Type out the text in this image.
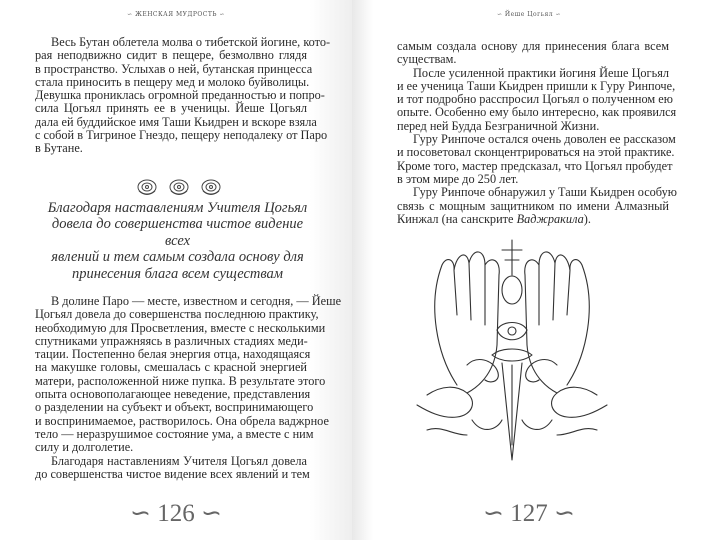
∽ ЖЕНСКАЯ МУДРОСТЬ ∽
Весь Бутан облетела молва о тибетской йогине, кото-
рая неподвижно сидит в пещере, безмолвно глядя
в пространство. Услыхав о ней, бутанская принцесса
стала приносить в пещеру мед и молоко буйволицы.
Девушка прониклась огромной преданностью и попро-
сила Цогьял принять ее в ученицы. Йеше Цогьял
дала ей буддийское имя Таши Кьидрен и вскоре взяла
с собой в Тигриное Гнездо, пещеру неподалеку от Паро
в Бутане.
Благодаря наставлениям Учителя Цогьял
довела до совершенства чистое видение всех
явлений и тем самым создала основу для
принесения блага всем существам
В долине Паро — месте, известном и сегодня, — Йеше
Цогьял довела до совершенства последнюю практику,
необходимую для Просветления, вместе с несколькими
спутниками упражняясь в различных стадиях меди-
тации. Постепенно белая энергия отца, находящаяся
на макушке головы, смешалась с красной энергией
матери, расположенной ниже пупка. В результате этого
опыта основополагающее неведение, представления
о разделении на субъект и объект, воспринимающего
и воспринимаемое, растворилось. Она обрела ваджрное
тело — неразрушимое состояние ума, а вместе с ним
силу и долголетие.
Благодаря наставлениям Учителя Цогьял довела
до совершенства чистое видение всех явлений и тем
∽ 126 ∽
∽ Йеше Цогьял ∽
самым создала основу для принесения блага всем
существам.
После усиленной практики йогиня Йеше Цогьял
и ее ученица Таши Кьидрен пришли к Гуру Ринпоче,
и тот подробно расспросил Цогьял о полученном ею
опыте. Особенно ему было интересно, как проявился
перед ней Будда Безграничной Жизни.
Гуру Ринпоче остался очень доволен ее рассказом
и посоветовал сконцентрироваться на этой практике.
Кроме того, мастер предсказал, что Цогьял пробудет
в этом мире до 250 лет.
Гуру Ринпоче обнаружил у Таши Кьидрен особую
связь с мощным защитником по имени Алмазный
Кинжал (на санскрите Ваджракила).
∽ 127 ∽
